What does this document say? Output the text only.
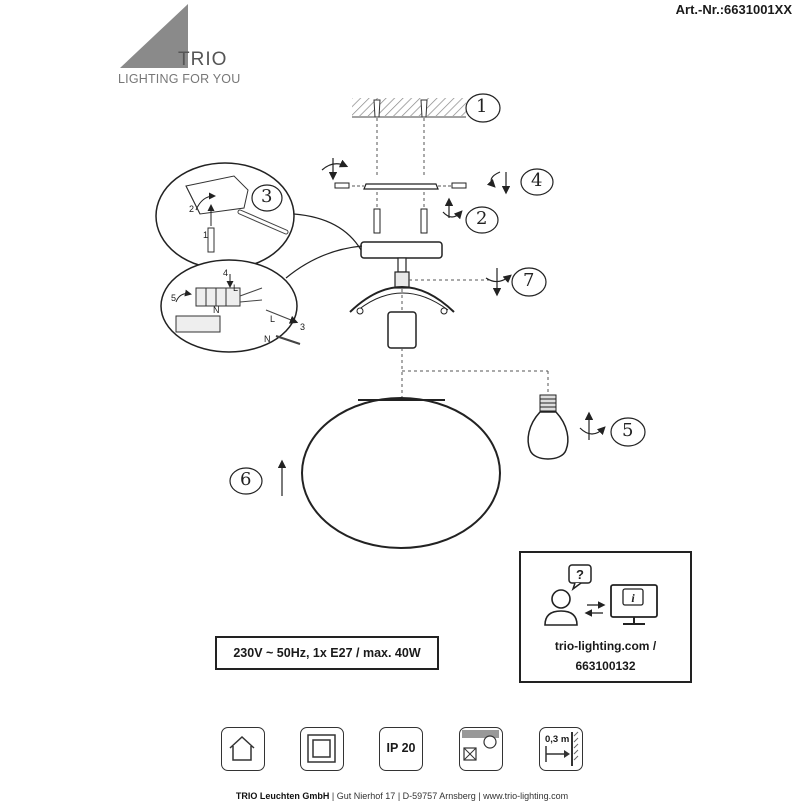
Art.-Nr.:6631001XX
TRIO
LIGHTING FOR YOU
2
1
4
5
L
N
L
3
N
1
2
3
4
5
6
7
230V ~ 50Hz, 1x E27 / max. 40W
?
i
trio-lighting.com /
663100132
IP 20
0,3 m
TRIO Leuchten GmbH | Gut Nierhof 17 | D-59757 Arnsberg | www.trio-lighting.com
